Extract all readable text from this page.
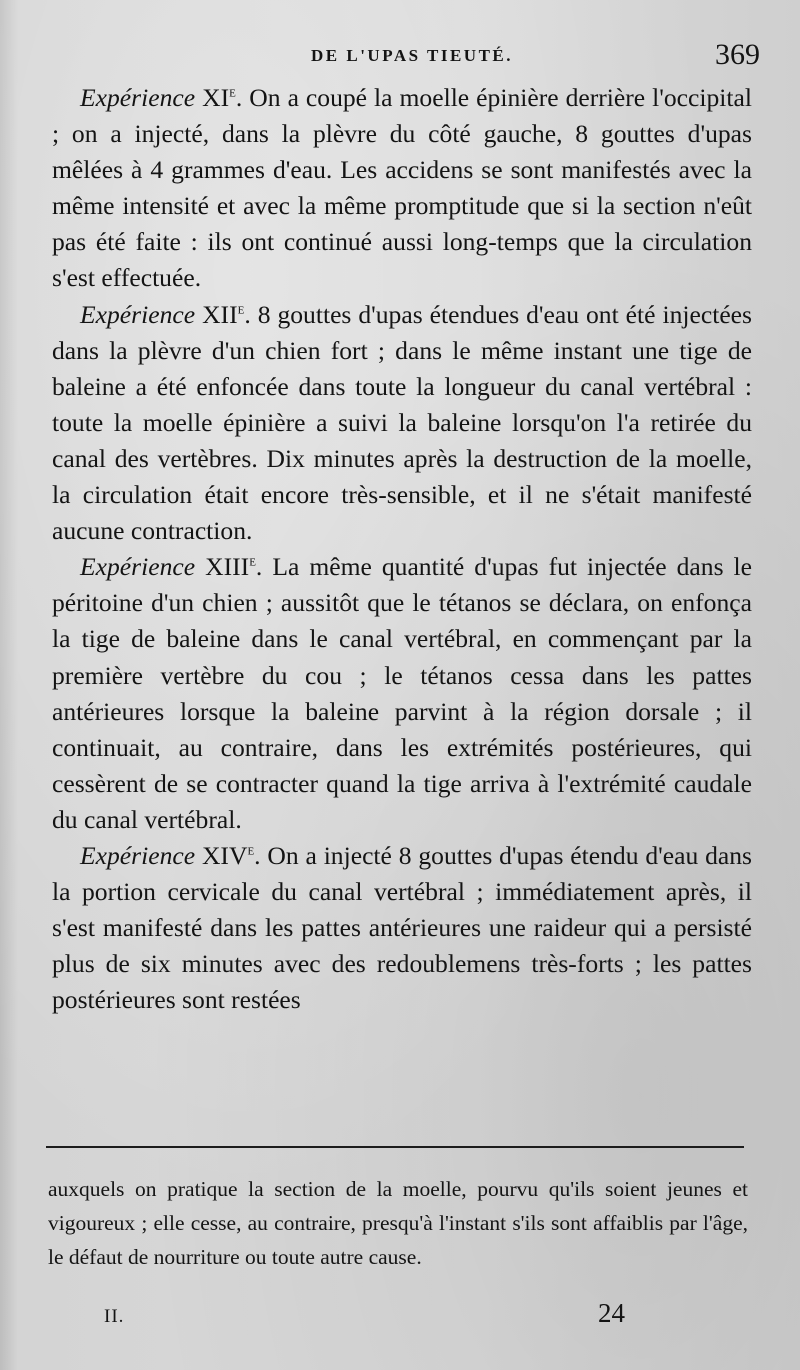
DE L'UPAS TIEUTÉ.	369

Expérience XIe. On a coupé la moelle épinière derrière l'occipital ; on a injecté, dans la plèvre du côté gauche, 8 gouttes d'upas mêlées à 4 grammes d'eau. Les accidens se sont manifestés avec la même intensité et avec la même promptitude que si la section n'eût pas été faite : ils ont continué aussi long-temps que la circulation s'est effectuée.

Expérience XIIe. 8 gouttes d'upas étendues d'eau ont été injectées dans la plèvre d'un chien fort ; dans le même instant une tige de baleine a été enfoncée dans toute la longueur du canal vertébral : toute la moelle épinière a suivi la baleine lorsqu'on l'a retirée du canal des vertèbres. Dix minutes après la destruction de la moelle, la circulation était encore très-sensible, et il ne s'était manifesté aucune contraction.

Expérience XIIIe. La même quantité d'upas fut injectée dans le péritoine d'un chien ; aussitôt que le tétanos se déclara, on enfonça la tige de baleine dans le canal vertébral, en commençant par la première vertèbre du cou ; le tétanos cessa dans les pattes antérieures lorsque la baleine parvint à la région dorsale ; il continuait, au contraire, dans les extrémités postérieures, qui cessèrent de se contracter quand la tige arriva à l'extrémité caudale du canal vertébral.

Expérience XIVe. On a injecté 8 gouttes d'upas étendu d'eau dans la portion cervicale du canal vertébral ; immédiatement après, il s'est manifesté dans les pattes antérieures une raideur qui a persisté plus de six minutes avec des redoublemens très-forts ; les pattes postérieures sont restées

auxquels on pratique la section de la moelle, pourvu qu'ils soient jeunes et vigoureux ; elle cesse, au contraire, presqu'à l'instant s'ils sont affaiblis par l'âge, le défaut de nourriture ou toute autre cause.

II.	24
